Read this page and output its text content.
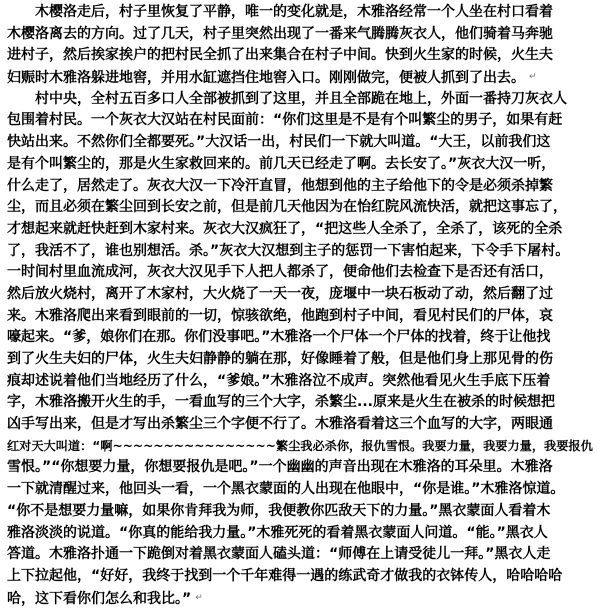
木樱洛走后，村子里恢复了平静，唯一的变化就是，木雅洛经常一个人坐在村口看着
木樱洛离去的方向。过了几天，村子里突然出现了一番来气腾腾灰衣人，他们骑着马奔驰
进村子，然后挨家挨户的把村民全抓了出来集合在村子中间。快到火生家的时候，火生夫
妇赈时木雅洛躲进地窖，并用水缸遮挡住地窖入口。刚刚做完，便被人抓到了出去。 ↵
村中央，全村五百多口人全部被抓到了这里，并且全部跪在地上，外面一番持刀灰衣人
包围着村民。一个灰衣大汉站在村民面前：“你们这里是不是有个叫繁尘的男子，如果有赶
快站出来。不然你们全都要死。”大汉话一出，村民们一下就大叫道。“大王，以前我们这
是有个叫繁尘的，那是火生家救回来的。前几天已经走了啊。去长安了。”灰衣大汉一听，
什么走了，居然走了。灰衣大汉一下冷汗直冒，他想到他的主子给他下的令是必须杀掉繁
尘，而且必须在繁尘回到长安之前，但是前几天他因为在怡红院风流快活，就把这事忘了，
才想起来就赶快赶到木家村来。灰衣大汉疯狂了，“把这些人全杀了，全杀了，该死的全杀
了，我活不了，谁也别想活。杀。”灰衣大汉想到主子的惩罚一下害怕起来，下令手下屠村。
一时间村里血流成河，灰衣大汉见手下人把人都杀了，便命他们去检查下是否还有活口，
然后放火烧村，离开了木家村，大火烧了一天一夜，庞堰中一块石板动了动，然后翻了过
来。木雅洛爬出来看到眼前的一切，惊骇欲绝，他跑到村子中间，看见村民们的尸体，哀
嚎起来。“爹，娘你们在那。你们没事吧。”木雅洛一个尸体一个尸体的找着，终于让他找
到了火生夫妇的尸体，火生夫妇静静的躺在那，好像睡着了般，但是他们身上那见骨的伤
痕却述说着他们当地经历了什么，“爹娘。”木雅洛泣不成声。突然他看见火生手底下压着
字，木雅洛搬开火生的手，一看血写的三个大字，杀繁尘...原来是火生在被杀的时候想把
凶手写出来，但是才写出杀繁尘三个字便不行了。木雅洛看着这三个血写的大字，两眼通
红对天大叫道：“啊~~~~~~~~~~~~~~~~繁尘我必杀你，报仇雪恨。我要力量，我要力量，我要报仇
雪恨。”“你想要力量，你想要报仇是吧。”一个幽幽的声音出现在木雅洛的耳朵里。木雅洛
一下就清醒过来，他回头一看，一个黑衣蒙面的人出现在他眼中，“你是谁。”木雅洛惊道。
“你不是想要力量嘛，如果你肯拜我为师，我便教你匹敌天下的力量。”黑衣蒙面人看着木
雅洛淡淡的说道。“你真的能给我力量。”木雅死死的看着黑衣蒙面人问道。“能。”黑衣人
答道。木雅洛扑通一下跪倒对着黑衣蒙面人磕头道：“师傅在上请受徒儿一拜。”黑衣人走
上下拉起他，“好好，我终于找到一个千年难得一遇的练武奇才做我的衣钵传人，哈哈哈哈
哈，这下看你们怎么和我比。” ↵
